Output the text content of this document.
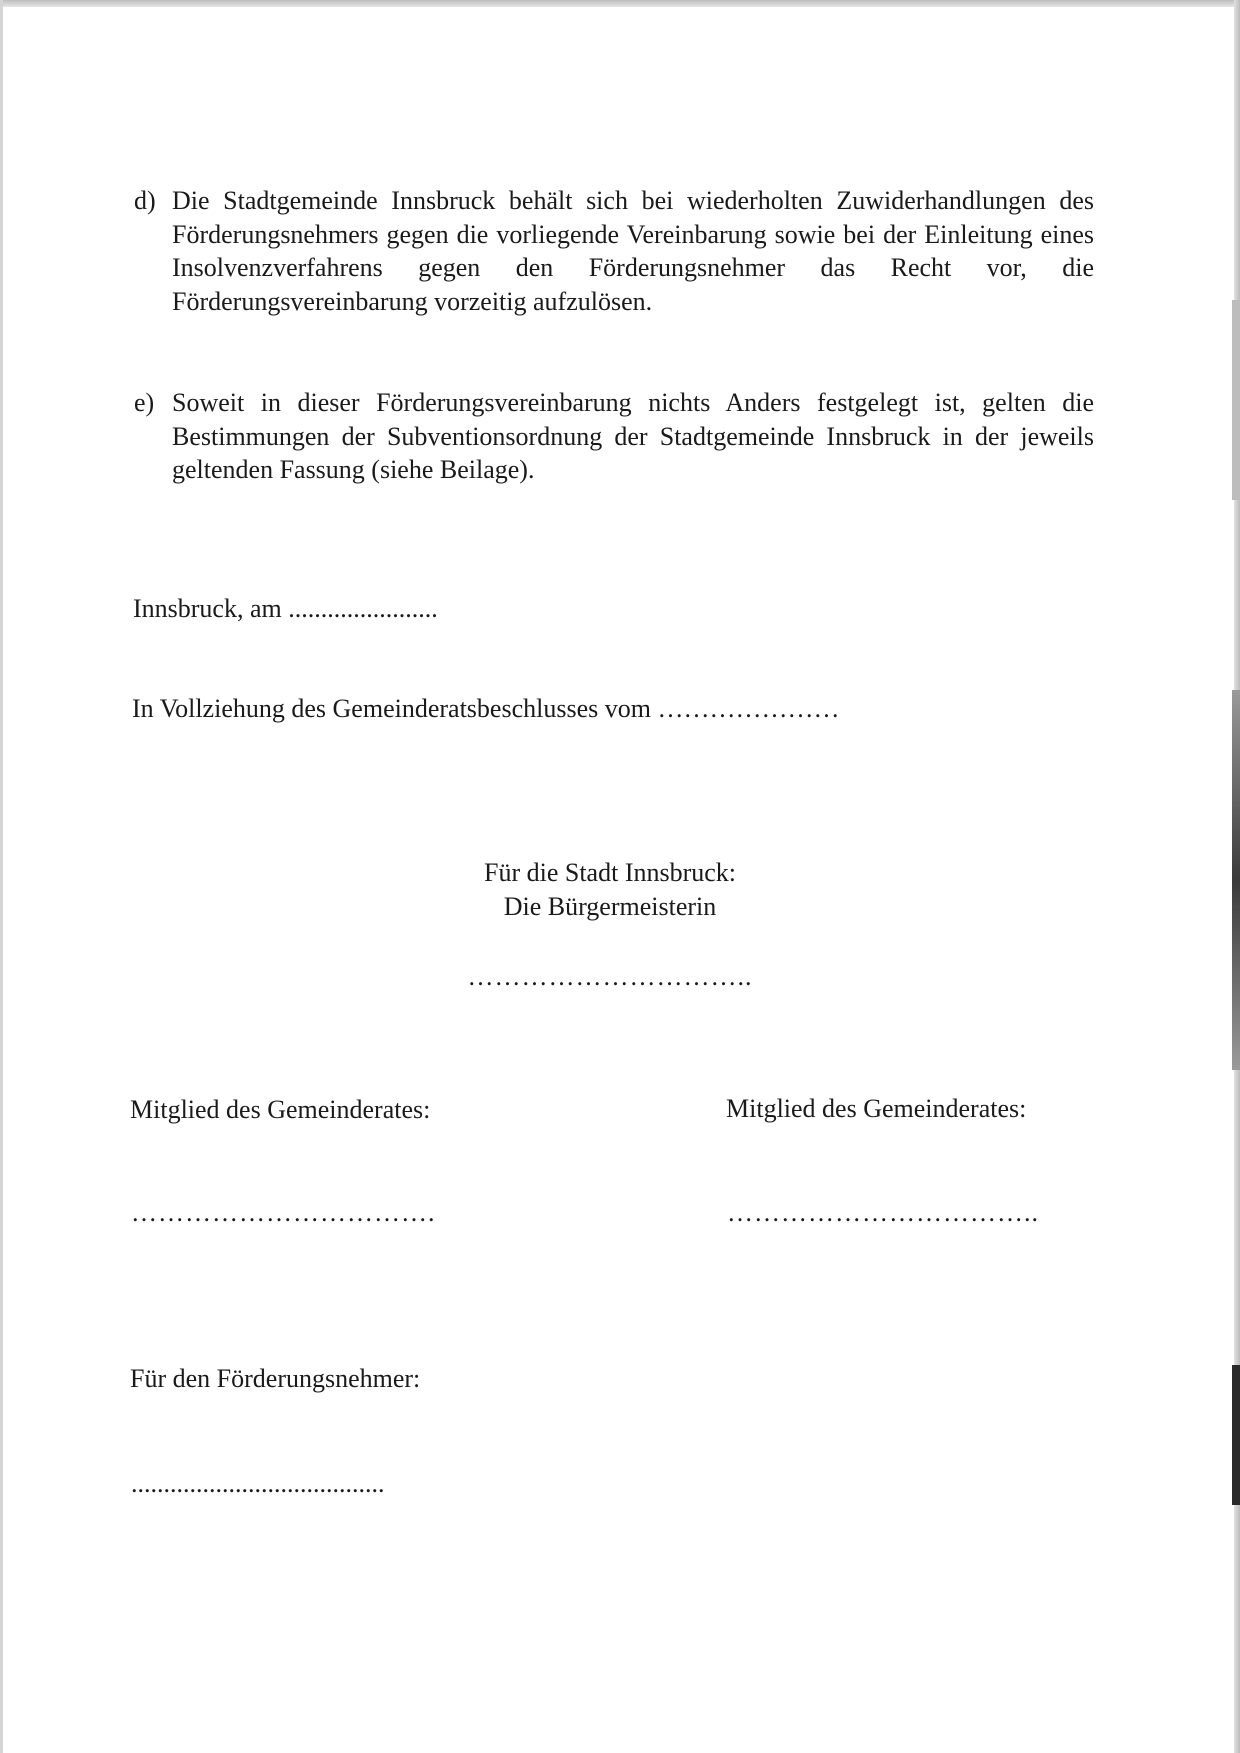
d) Die Stadtgemeinde Innsbruck behält sich bei wiederholten Zuwiderhandlungen des Förderungsnehmers gegen die vorliegende Vereinbarung sowie bei der Einleitung eines Insolvenzverfahrens gegen den Förderungsnehmer das Recht vor, die Förderungsvereinbarung vorzeitig aufzulösen.
e) Soweit in dieser Förderungsvereinbarung nichts Anders festgelegt ist, gelten die Bestimmungen der Subventionsordnung der Stadtgemeinde Innsbruck in der jeweils geltenden Fassung (siehe Beilage).
Innsbruck, am .......................
In Vollziehung des Gemeinderatsbeschlusses vom …………………
Für die Stadt Innsbruck:
Die Bürgermeisterin
…………………………..
Mitglied des Gemeinderates:	Mitglied des Gemeinderates:
…………………………….	……………………………..
Für den Förderungsnehmer:
.......................................
